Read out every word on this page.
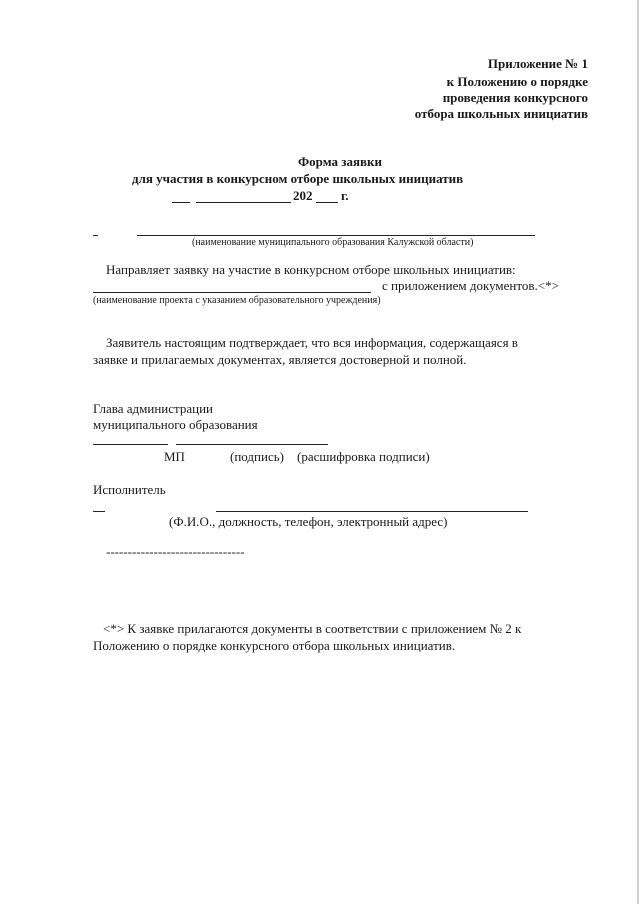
Приложение № 1
к Положению о порядке
проведения конкурсного
отбора школьных инициатив
Форма заявки
для участия в конкурсном отборе школьных инициатив
202 г.
(наименование муниципального образования Калужской области)
Направляет заявку на участие в конкурсном отборе школьных инициатив:
с приложением документов.<*>
(наименование проекта с указанием образовательного учреждения)
Заявитель настоящим подтверждает, что вся информация, содержащаяся в
заявке и прилагаемых документах, является достоверной и полной.
Глава администрации
муниципального образования
МП	(подпись) (расшифровка подписи)
Исполнитель
(Ф.И.О., должность, телефон, электронный адрес)
--------------------------------
<*> К заявке прилагаются документы в соответствии с приложением № 2 к
Положению о порядке конкурсного отбора школьных инициатив.
